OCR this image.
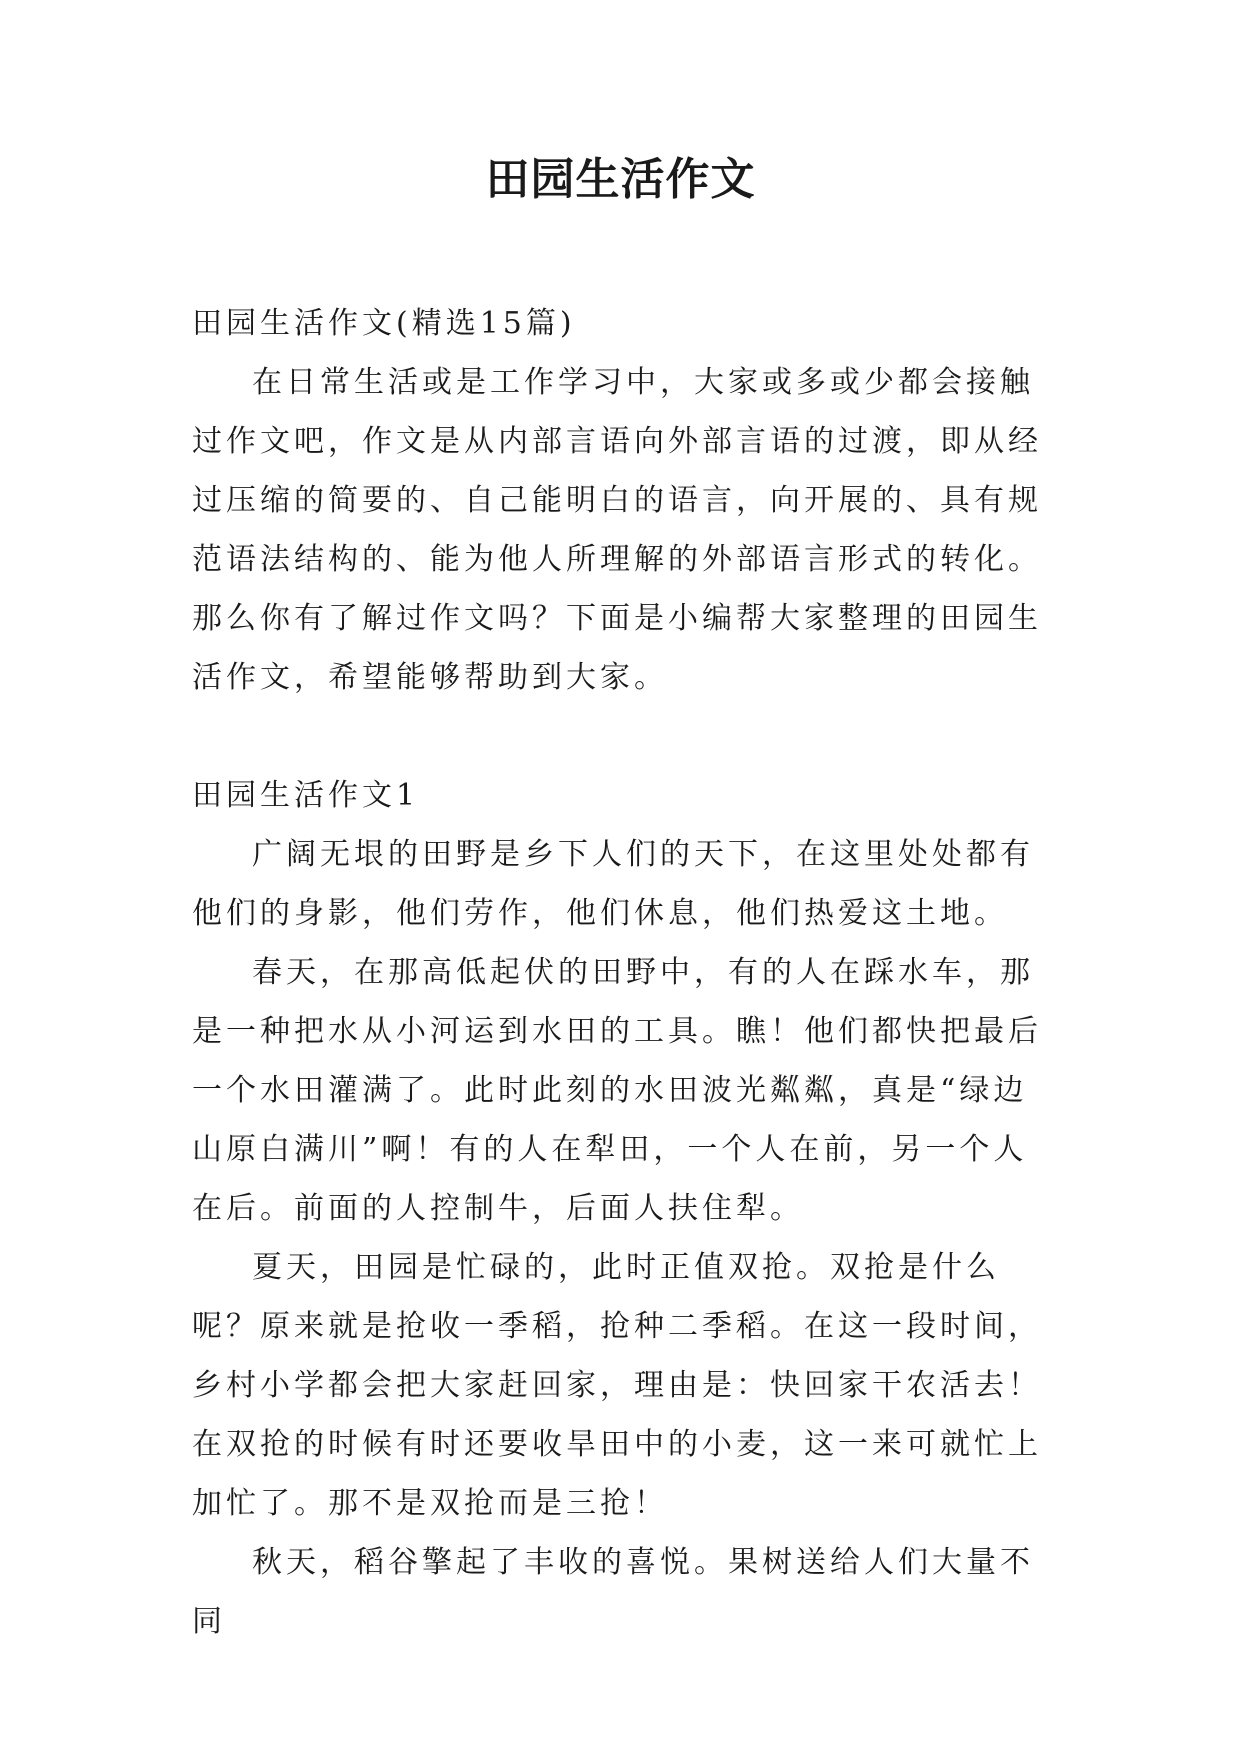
田园生活作文

田园生活作文(精选15篇)

在日常生活或是工作学习中，大家或多或少都会接触过作文吧，作文是从内部言语向外部言语的过渡，即从经过压缩的简要的、自己能明白的语言，向开展的、具有规范语法结构的、能为他人所理解的外部语言形式的转化。那么你有了解过作文吗？下面是小编帮大家整理的田园生活作文，希望能够帮助到大家。

田园生活作文1

广阔无垠的田野是乡下人们的天下，在这里处处都有他们的身影，他们劳作，他们休息，他们热爱这土地。

春天，在那高低起伏的田野中，有的人在踩水车，那是一种把水从小河运到水田的工具。瞧！他们都快把最后一个水田灌满了。此时此刻的水田波光粼粼，真是“绿边山原白满川”啊！有的人在犁田，一个人在前，另一个人在后。前面的人控制牛，后面人扶住犁。

夏天，田园是忙碌的，此时正值双抢。双抢是什么呢？原来就是抢收一季稻，抢种二季稻。在这一段时间，乡村小学都会把大家赶回家，理由是：快回家干农活去！在双抢的时候有时还要收旱田中的小麦，这一来可就忙上加忙了。那不是双抢而是三抢！

秋天，稻谷擎起了丰收的喜悦。果树送给人们大量不同
